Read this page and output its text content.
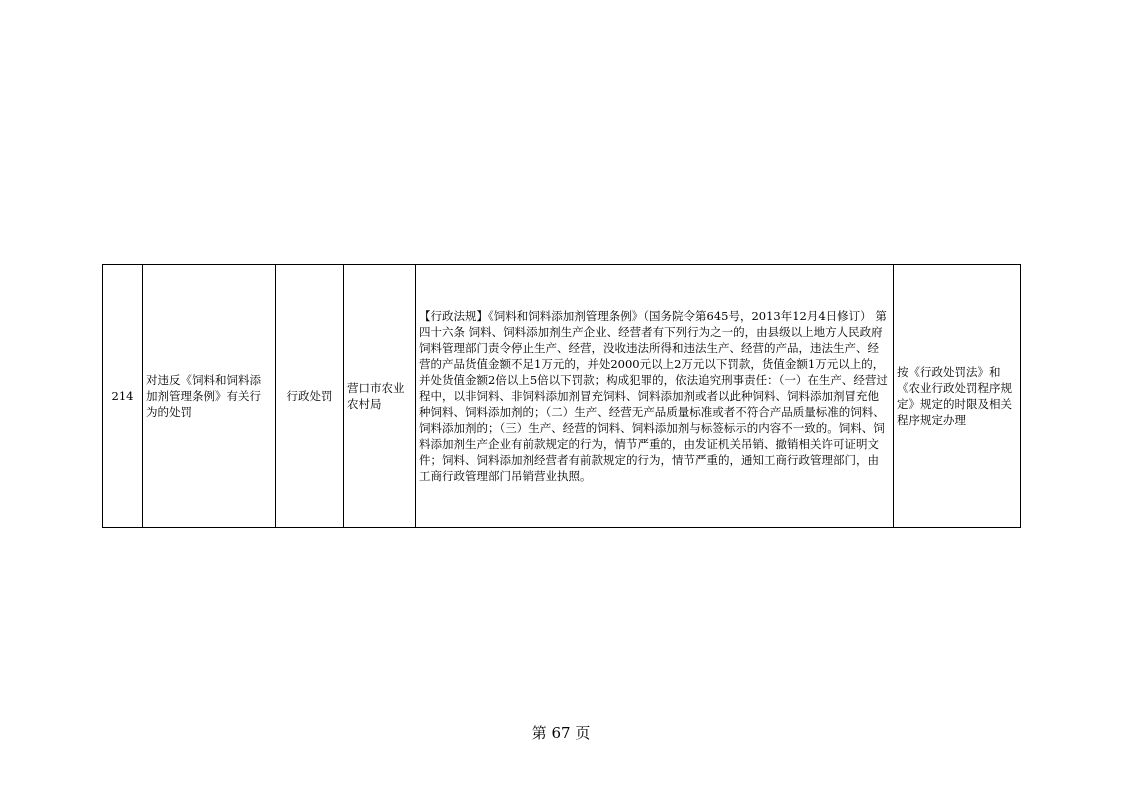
214	对违反《饲料和饲料添加剂管理条例》有关行为的处罚	行政处罚	营口市农业农村局	【行政法规】《饲料和饲料添加剂管理条例》（国务院令第645号，2013年12月4日修订） 第四十六条 饲料、饲料添加剂生产企业、经营者有下列行为之一的，由县级以上地方人民政府饲料管理部门责令停止生产、经营，没收违法所得和违法生产、经营的产品，违法生产、经营的产品货值金额不足1万元的，并处2000元以上2万元以下罚款，货值金额1万元以上的，并处货值金额2倍以上5倍以下罚款；构成犯罪的，依法追究刑事责任：（一）在生产、经营过程中，以非饲料、非饲料添加剂冒充饲料、饲料添加剂或者以此种饲料、饲料添加剂冒充他种饲料、饲料添加剂的；（二）生产、经营无产品质量标准或者不符合产品质量标准的饲料、饲料添加剂的；（三）生产、经营的饲料、饲料添加剂与标签标示的内容不一致的。饲料、饲料添加剂生产企业有前款规定的行为，情节严重的，由发证机关吊销、撤销相关许可证明文件；饲料、饲料添加剂经营者有前款规定的行为，情节严重的，通知工商行政管理部门，由工商行政管理部门吊销营业执照。	按《行政处罚法》和《农业行政处罚程序规定》规定的时限及相关程序规定办理
第 67 页
